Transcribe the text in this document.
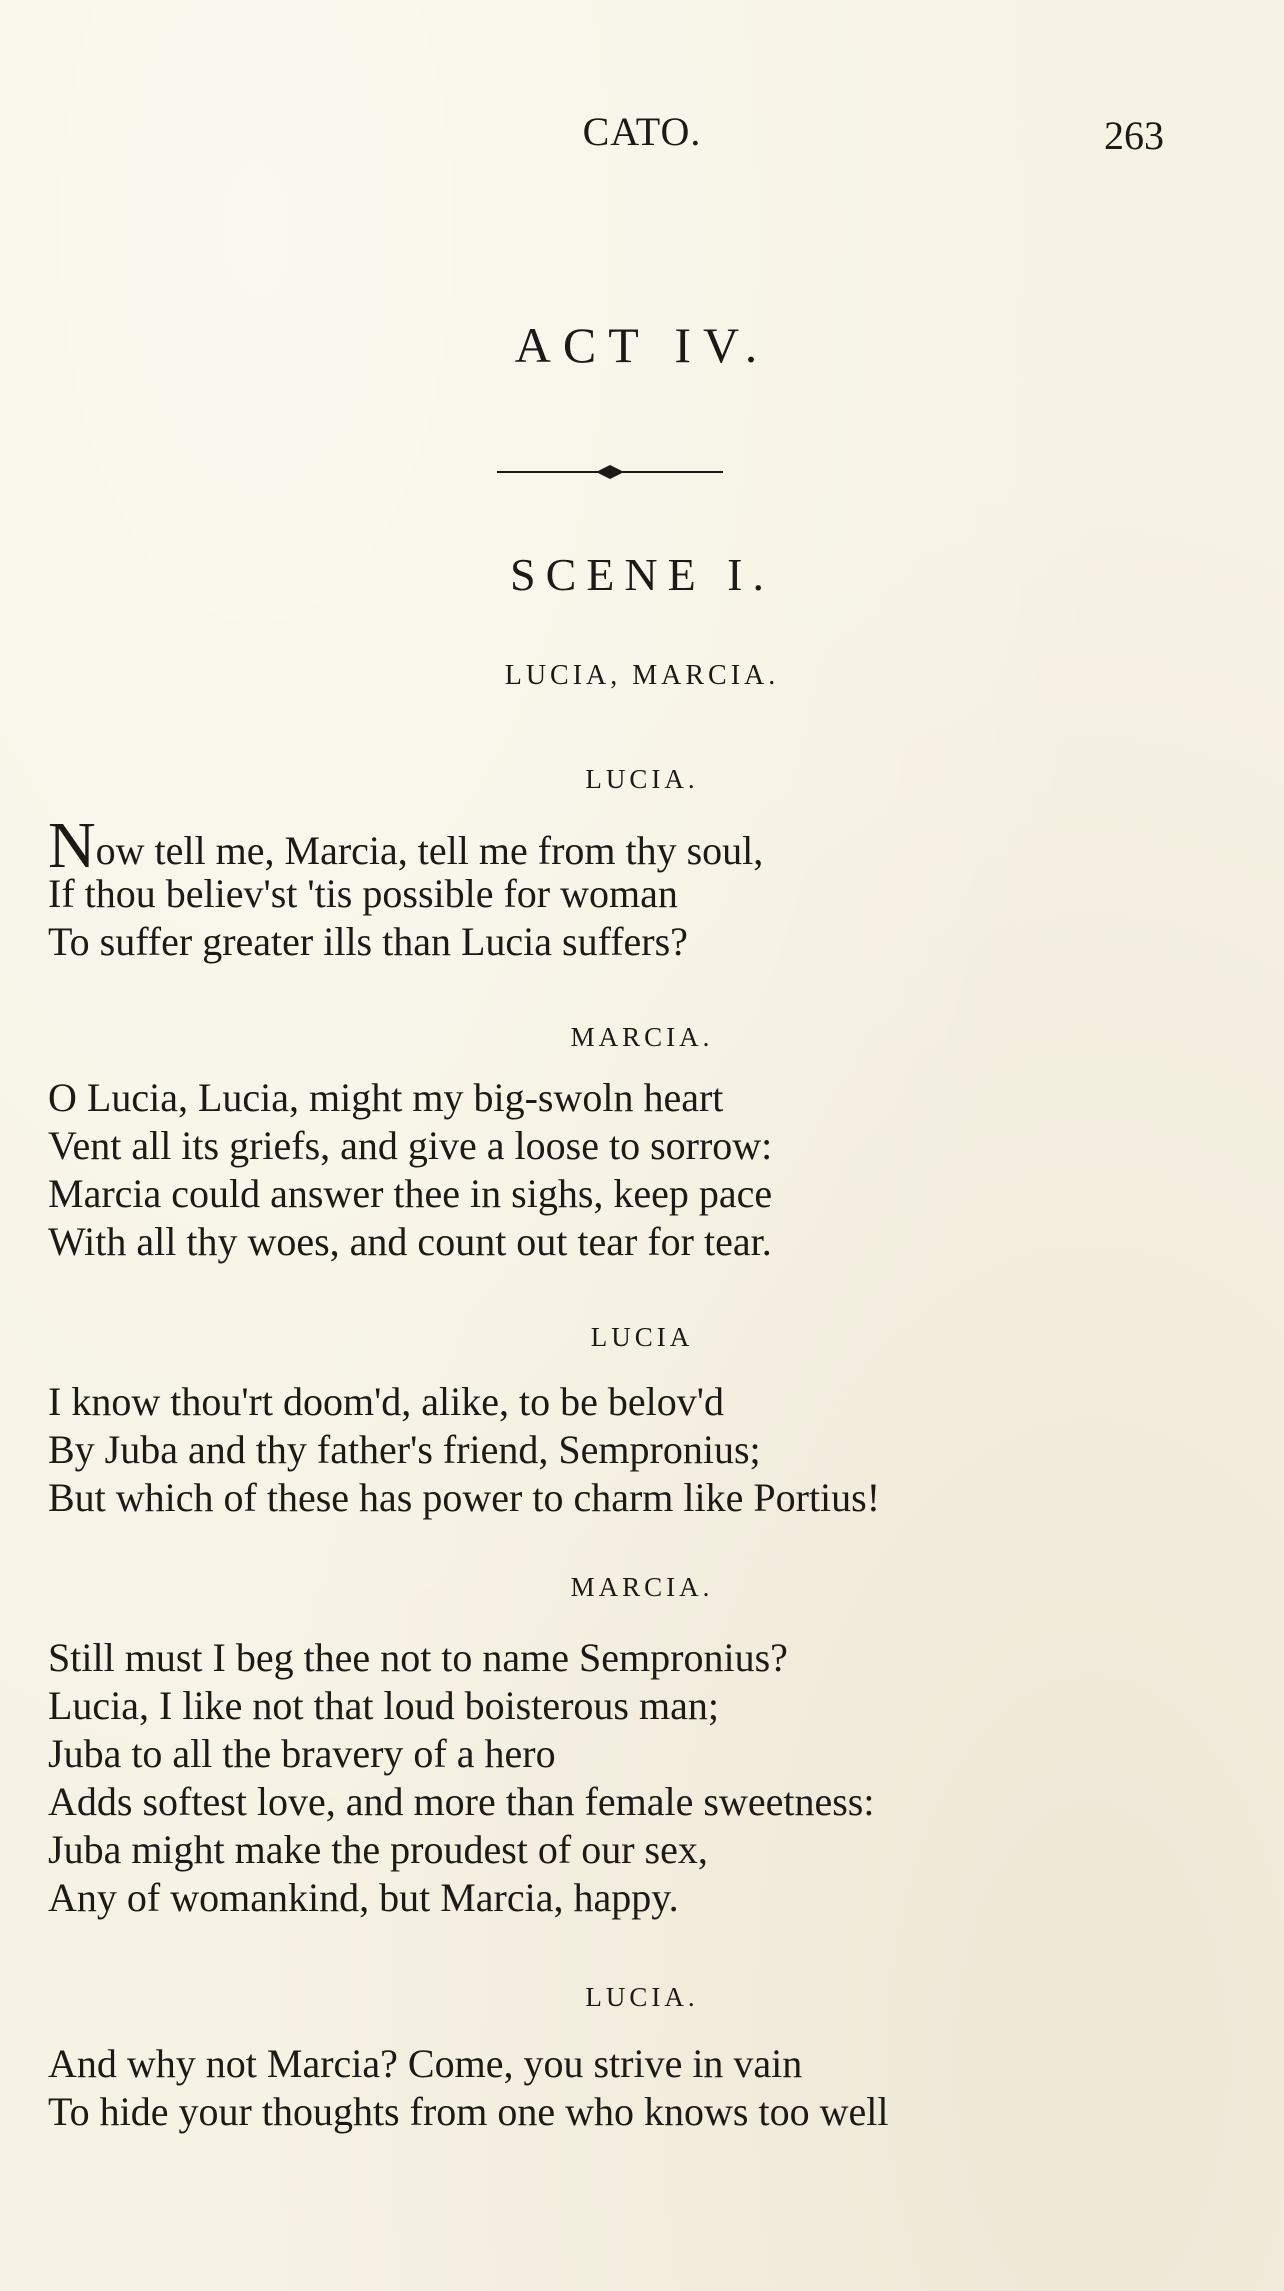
CATO.	263
ACT IV.
SCENE I.
LUCIA, MARCIA.
LUCIA.
Now tell me, Marcia, tell me from thy soul,
If thou believ'st 'tis possible for woman
To suffer greater ills than Lucia suffers?
MARCIA.
O Lucia, Lucia, might my big-swoln heart
Vent all its griefs, and give a loose to sorrow:
Marcia could answer thee in sighs, keep pace
With all thy woes, and count out tear for tear.
LUCIA
I know thou'rt doom'd, alike, to be belov'd
By Juba and thy father's friend, Sempronius;
But which of these has power to charm like Portius!
MARCIA.
Still must I beg thee not to name Sempronius?
Lucia, I like not that loud boisterous man;
Juba to all the bravery of a hero
Adds softest love, and more than female sweetness:
Juba might make the proudest of our sex,
Any of womankind, but Marcia, happy.
LUCIA.
And why not Marcia? Come, you strive in vain
To hide your thoughts from one who knows too well
